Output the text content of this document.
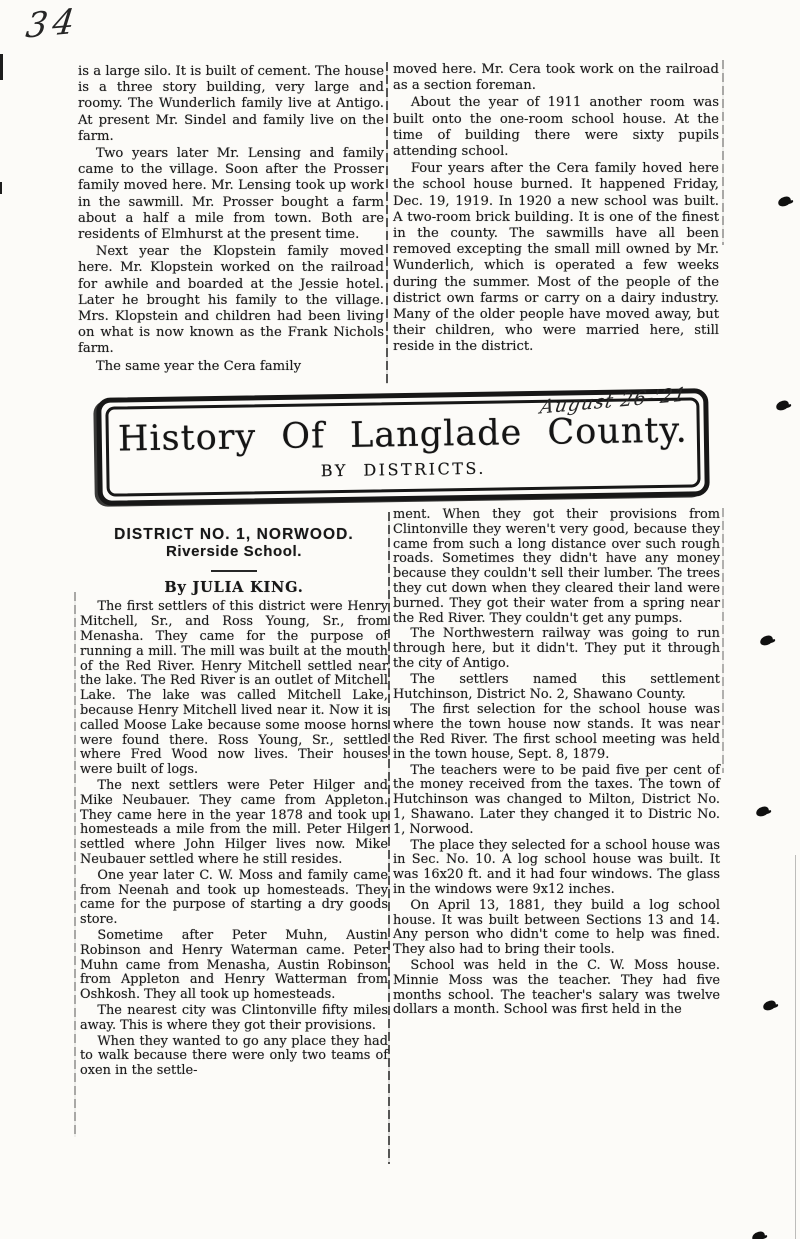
34

is a large silo. It is built of cement. The house is a three story building, very large and roomy. The Wunderlich family live at Antigo. At present Mr. Sindel and family live on the farm.

Two years later Mr. Lensing and family came to the village. Soon after the Prosser family moved here. Mr. Lensing took up work in the sawmill. Mr. Prosser bought a farm about a half a mile from town. Both are residents of Elmhurst at the present time.

Next year the Klopstein family moved here. Mr. Klopstein worked on the railroad for awhile and boarded at the Jessie hotel. Later he brought his family to the village. Mrs. Klopstein and children had been living on what is now known as the Frank Nichols farm.

The same year the Cera family

moved here. Mr. Cera took work on the railroad as a section foreman.

About the year of 1911 another room was built onto the one-room school house. At the time of building there were sixty pupils attending school.

Four years after the Cera family hoved here the school house burned. It happened Friday, Dec. 19, 1919. In 1920 a new school was built. A two-room brick building. It is one of the finest in the county. The sawmills have all been removed excepting the small mill owned by Mr. Wunderlich, which is operated a few weeks during the summer. Most of the people of the district own farms or carry on a dairy industry. Many of the older people have moved away, but their children, who were married here, still reside in the district.

History Of Langlade County.
BY DISTRICTS.
August 26-'21
DISTRICT NO. 1, NORWOOD.
Riverside School.
By JULIA KING.

The first settlers of this district were Henry Mitchell, Sr., and Ross Young, Sr., from Menasha. They came for the purpose of running a mill. The mill was built at the mouth of the Red River. Henry Mitchell settled near the lake. The Red River is an outlet of Mitchell Lake. The lake was called Mitchell Lake, because Henry Mitchell lived near it. Now it is called Moose Lake because some moose horns were found there. Ross Young, Sr., settled where Fred Wood now lives. Their houses were built of logs.

The next settlers were Peter Hilger and Mike Neubauer. They came from Appleton. They came here in the year 1878 and took up homesteads a mile from the mill. Peter Hilger settled where John Hilger lives now. Mike Neubauer settled where he still resides.

One year later C. W. Moss and family came from Neenah and took up homesteads. They came for the purpose of starting a dry goods store.

Sometime after Peter Muhn, Austin Robinson and Henry Waterman came. Peter Muhn came from Menasha, Austin Robinson from Appleton and Henry Watterman from Oshkosh. They all took up homesteads.

The nearest city was Clintonville fifty miles away. This is where they got their provisions.

When they wanted to go any place they had to walk because there were only two teams of oxen in the settle-

ment. When they got their provisions from Clintonville they weren't very good, because they came from such a long distance over such rough roads. Sometimes they didn't have any money because they couldn't sell their lumber. The trees they cut down when they cleared their land were burned. They got their water from a spring near the Red River. They couldn't get any pumps.

The Northwestern railway was going to run through here, but it didn't. They put it through the city of Antigo.

The settlers named this settlement Hutchinson, District No. 2, Shawano County.

The first selection for the school house was where the town house now stands. It was near the Red River. The first school meeting was held in the town house, Sept. 8, 1879.

The teachers were to be paid five per cent of the money received from the taxes. The town of Hutchinson was changed to Milton, District No. 1, Shawano. Later they changed it to Distric No. 1, Norwood.

The place they selected for a school house was in Sec. No. 10. A log school house was built. It was 16x20 ft. and it had four windows. The glass in the windows were 9x12 inches.

On April 13, 1881, they build a log school house. It was built between Sections 13 and 14. Any person who didn't come to help was fined. They also had to bring their tools.

School was held in the C. W. Moss house. Minnie Moss was the teacher. They had five months school. The teacher's salary was twelve dollars a month. School was first held in the
